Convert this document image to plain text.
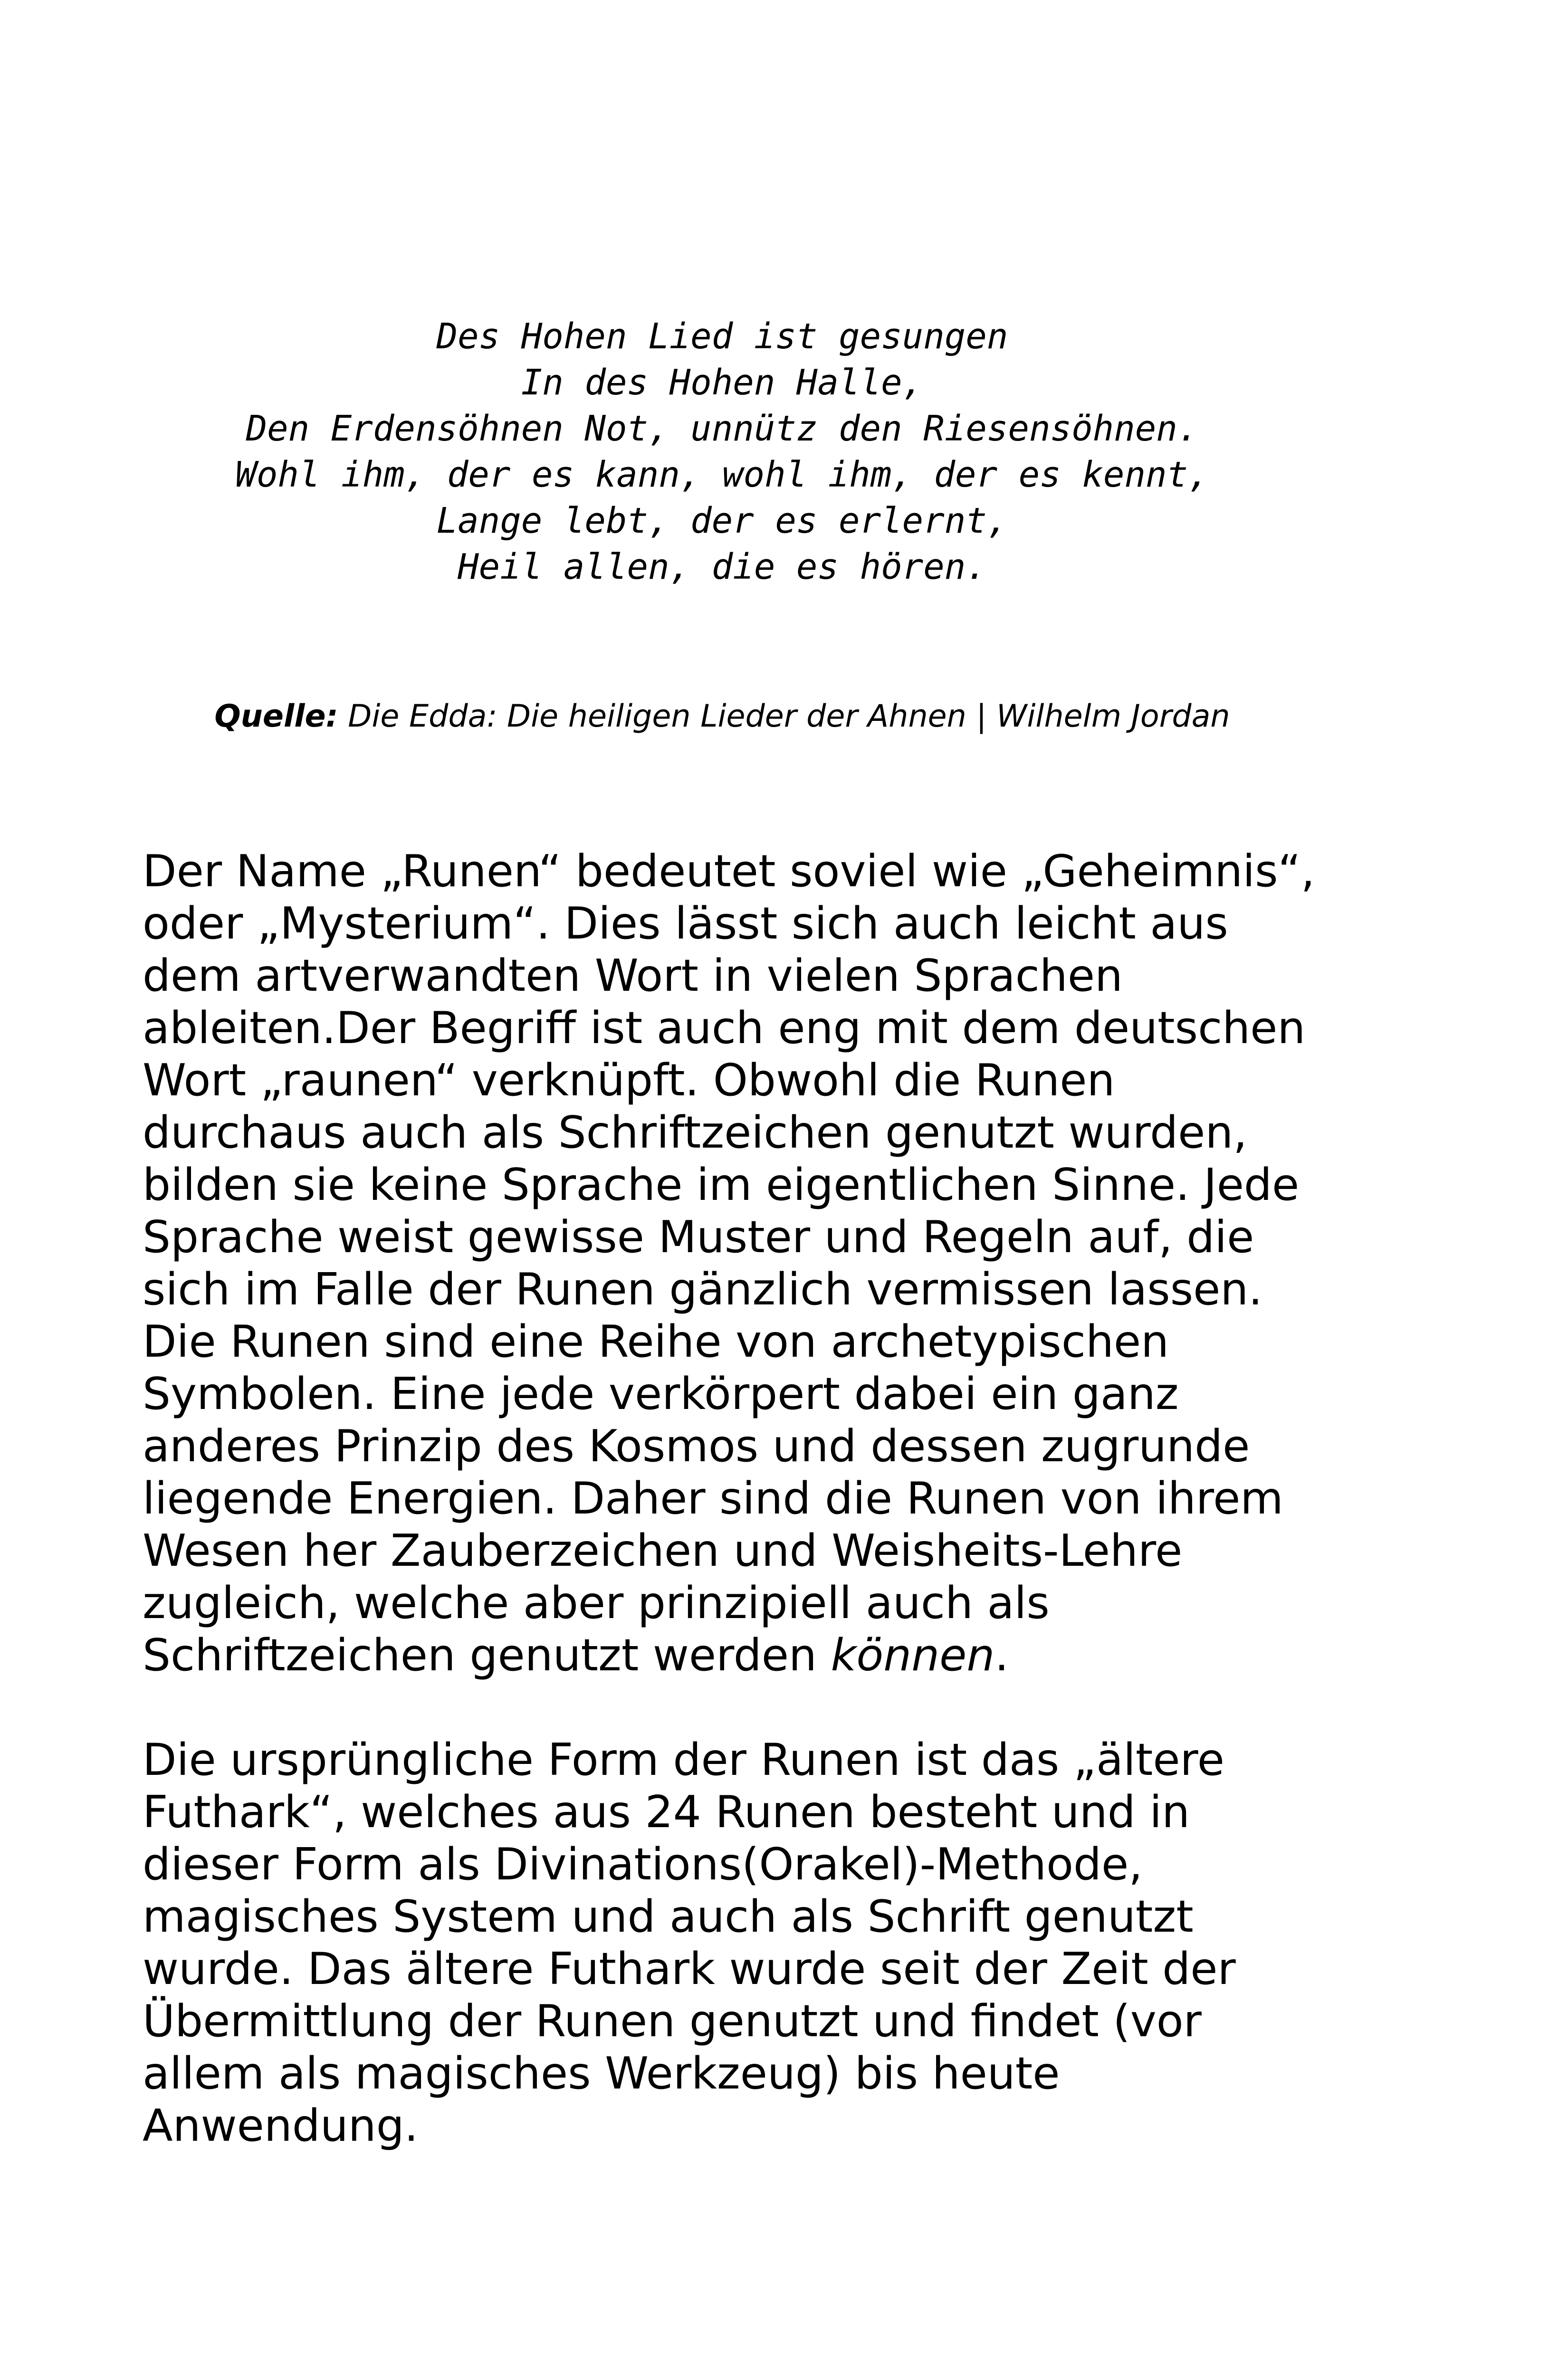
Des Hohen Lied ist gesungen
In des Hohen Halle,
Den Erdensöhnen Not, unnütz den Riesensöhnen.
Wohl ihm, der es kann, wohl ihm, der es kennt,
Lange lebt, der es erlernt,
Heil allen, die es hören.

Quelle: Die Edda: Die heiligen Lieder der Ahnen | Wilhelm Jordan

Der Name „Runen“ bedeutet soviel wie „Geheimnis“,
oder „Mysterium“. Dies lässt sich auch leicht aus
dem artverwandten Wort in vielen Sprachen
ableiten.Der Begriff ist auch eng mit dem deutschen
Wort „raunen“ verknüpft. Obwohl die Runen
durchaus auch als Schriftzeichen genutzt wurden,
bilden sie keine Sprache im eigentlichen Sinne. Jede
Sprache weist gewisse Muster und Regeln auf, die
sich im Falle der Runen gänzlich vermissen lassen.
Die Runen sind eine Reihe von archetypischen
Symbolen. Eine jede verkörpert dabei ein ganz
anderes Prinzip des Kosmos und dessen zugrunde
liegende Energien. Daher sind die Runen von ihrem
Wesen her Zauberzeichen und Weisheits-Lehre
zugleich, welche aber prinzipiell auch als
Schriftzeichen genutzt werden können.
Die ursprüngliche Form der Runen ist das „ältere
Futhark“, welches aus 24 Runen besteht und in
dieser Form als Divinations(Orakel)-Methode,
magisches System und auch als Schrift genutzt
wurde. Das ältere Futhark wurde seit der Zeit der
Übermittlung der Runen genutzt und findet (vor
allem als magisches Werkzeug) bis heute
Anwendung.
